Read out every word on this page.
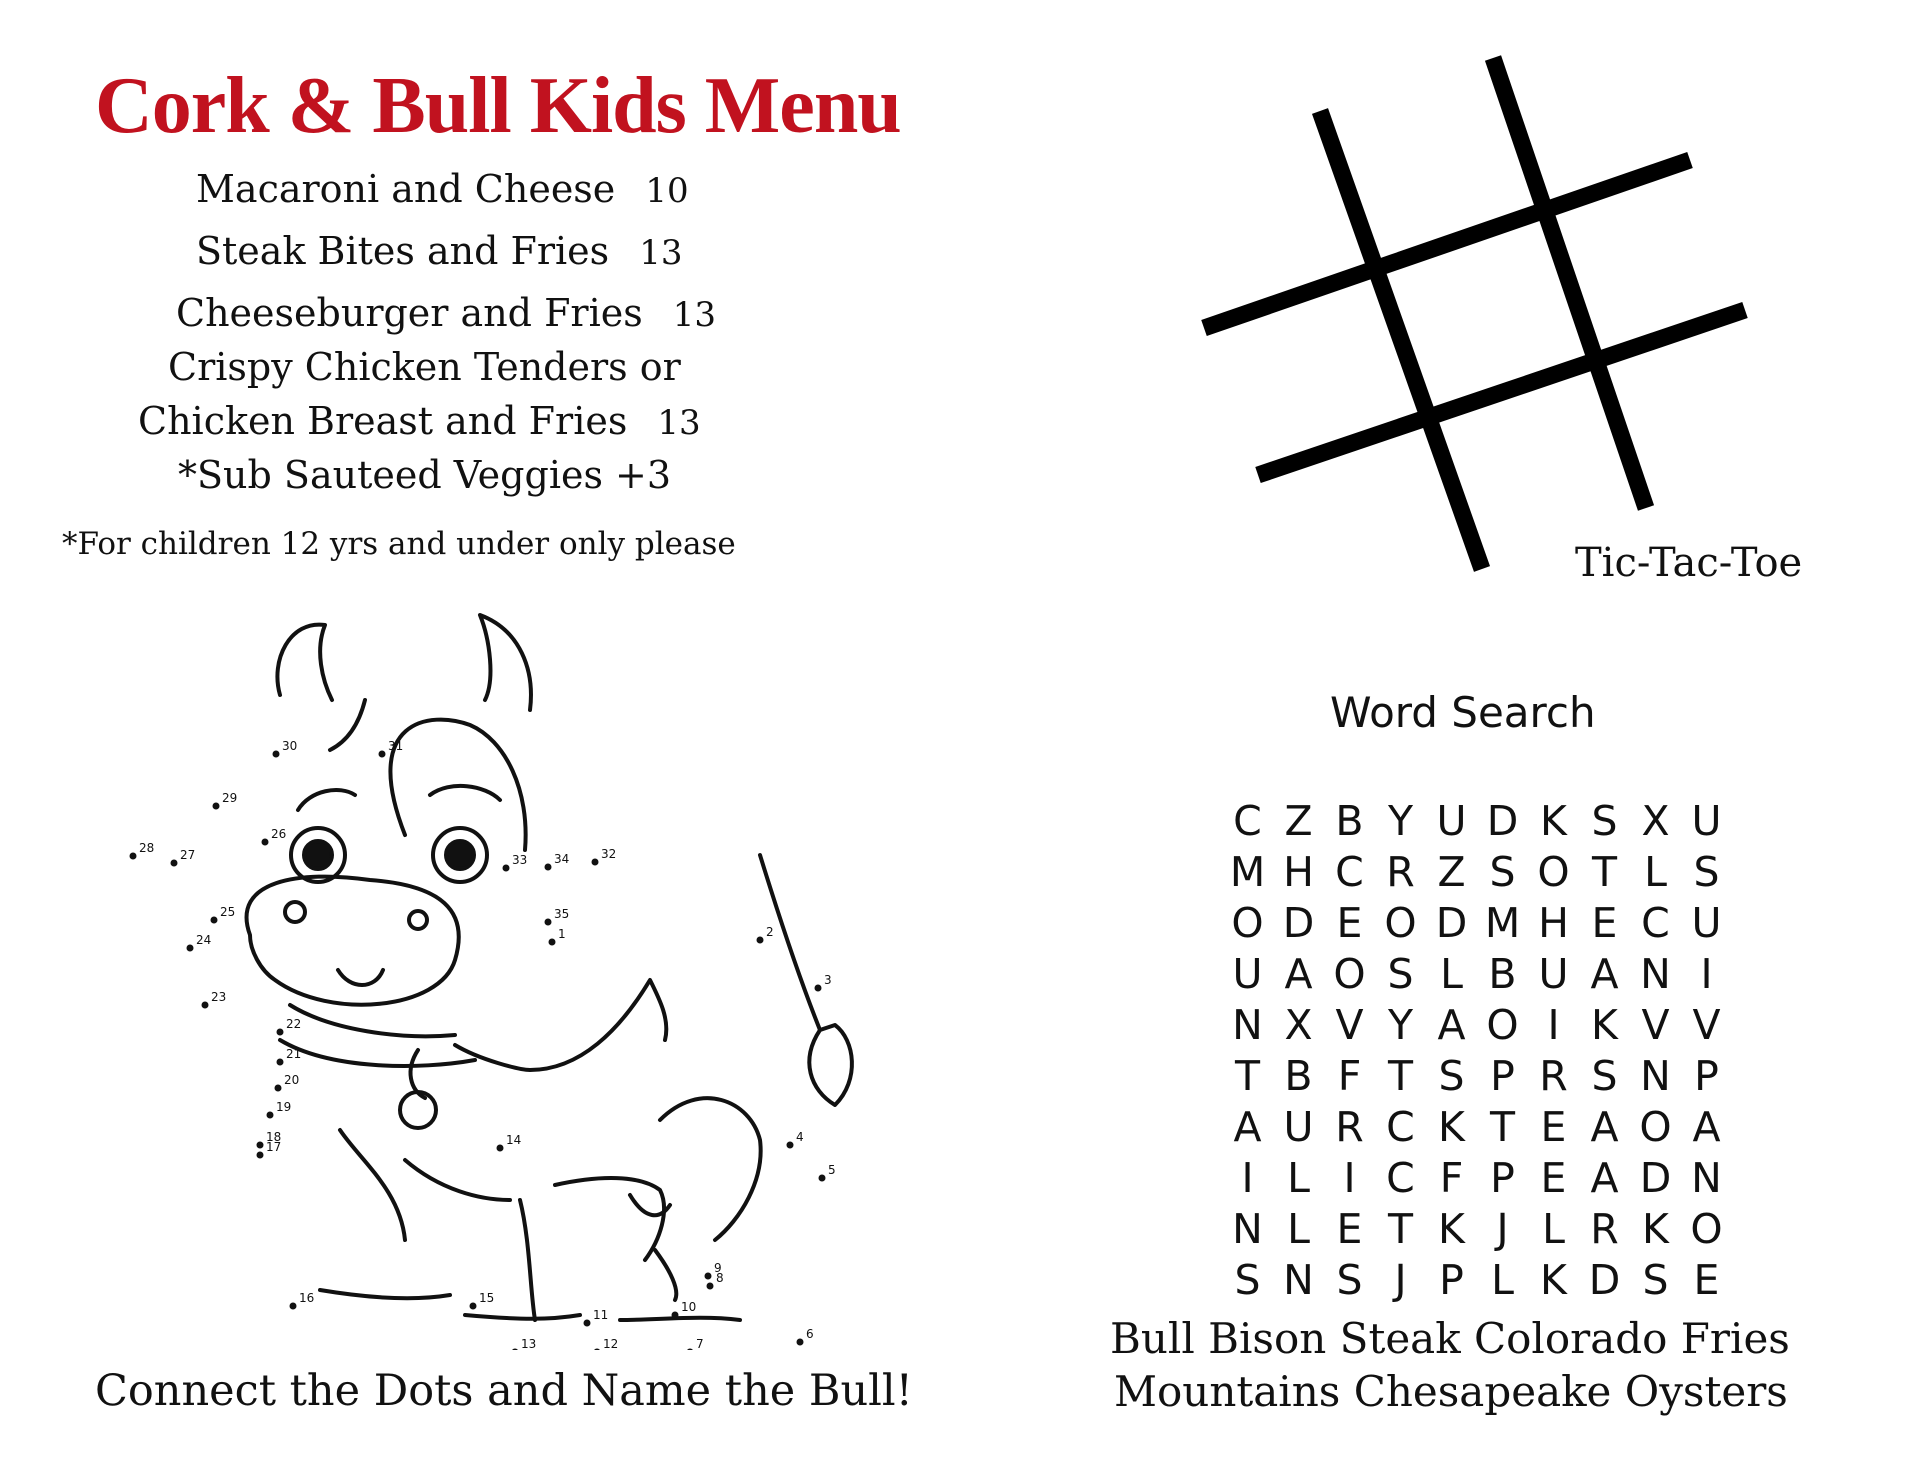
Cork & Bull Kids Menu
Macaroni and Cheese 10
Steak Bites and Fries 13
Cheeseburger and Fries 13
Crispy Chicken Tenders or
Chicken Breast and Fries 13
*Sub Sauteed Veggies +3
*For children 12 yrs and under only please	Tic-Tac-Toe
Word Search
C Z B Y U D K S X U
M H C R Z S O T L S
O D E O D M H E C U
U A O S L B U A N I
N X V Y A O I K V V
T B F T S P R S N P
A U R C K T E A O A
I L I C F P E A D N
N L E T K J L R K O
S N S J P L K D S E
Bull Bison Steak Colorado Fries
Mountains Chesapeake Oysters
1	2
3
4
5
6
7
8
9
10
11
12
13
14
15
16
17
18
19
20
21
22
23
24
25
26
27
28
29
30	31
32
33 34
35
Connect the Dots and Name the Bull!
